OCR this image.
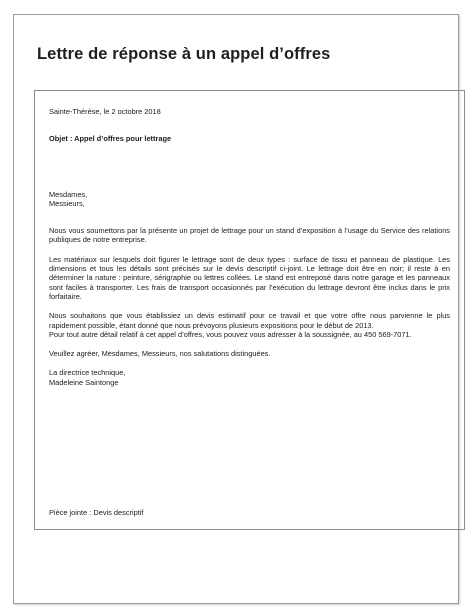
Lettre de réponse à un appel d’offres
Sainte-Thérèse, le 2 octobre 2018
Objet : Appel d’offres pour lettrage
Mesdames,
Messieurs,
Nous vous soumettons par la présente un projet de lettrage pour un stand d’exposition à l’usage du Service des relations publiques de notre entreprise.
Les matériaux sur lesquels doit figurer le lettrage sont de deux types : surface de tissu et panneau de plastique. Les dimensions et tous les détails sont précisés sur le devis descriptif ci-joint. Le lettrage doit être en noir; il reste à en déterminer la nature : peinture, sérigraphie ou lettres collées. Le stand est entreposé dans notre garage et les panneaux sont faciles à transporter. Les frais de transport occasionnés par l’exécution du lettrage devront être inclus dans le prix forfaitaire.
Nous souhaitons que vous établissiez un devis estimatif pour ce travail et que votre offre nous parvienne le plus rapidement possible, étant donné que nous prévoyons plusieurs expositions pour le début de 2013.
Pour tout autre détail relatif à cet appel d’offres, vous pouvez vous adresser à la soussignée, au 450 569-7071.
Veuillez agréer, Mesdames, Messieurs, nos salutations distinguées.
La directrice technique,
Madeleine Saintonge
Pièce jointe : Devis descriptif
